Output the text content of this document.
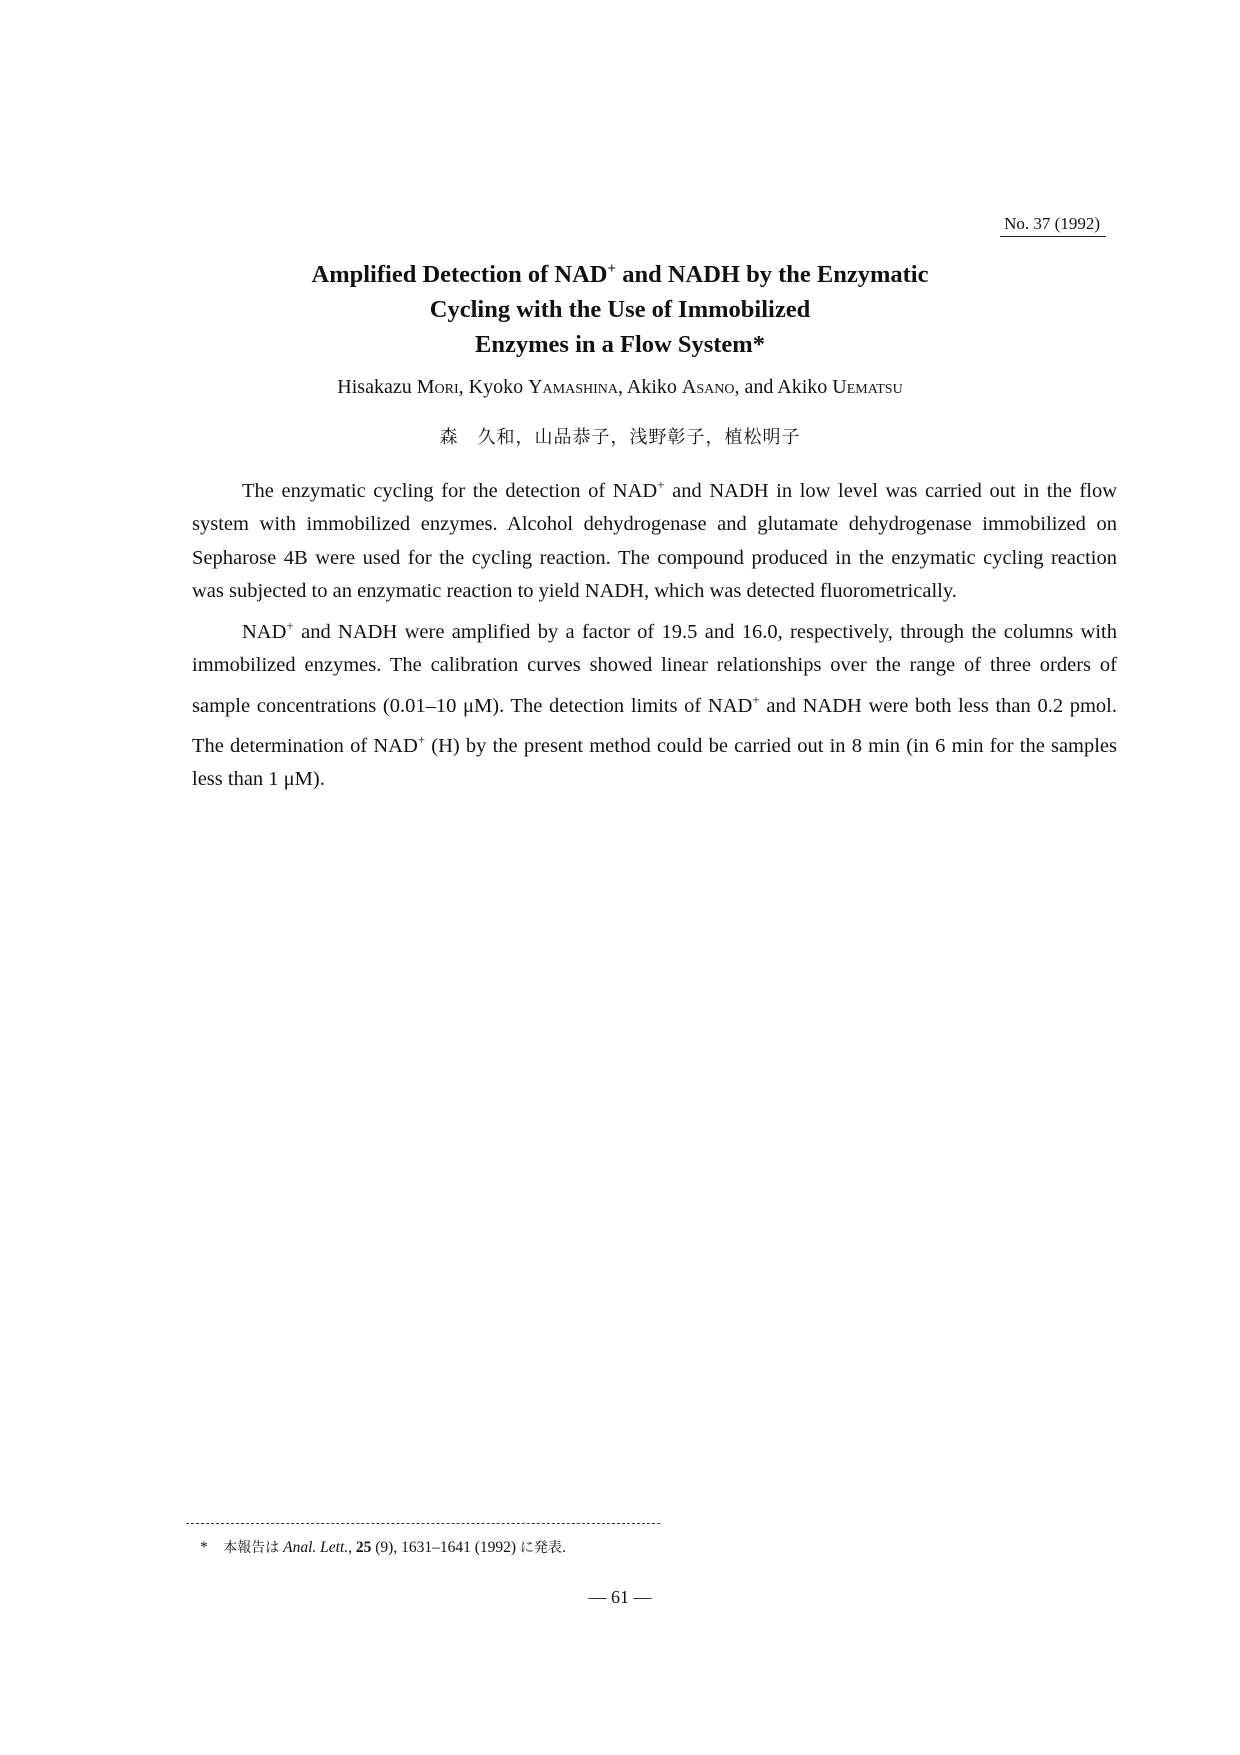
No. 37 (1992)
Amplified Detection of NAD+ and NADH by the Enzymatic
Cycling with the Use of Immobilized
Enzymes in a Flow System*
Hisakazu Mori, Kyoko Yamashina, Akiko Asano, and Akiko Uematsu
森　久和，山品恭子，浅野彰子，植松明子

The enzymatic cycling for the detection of NAD+ and NADH in low level was carried out in the flow system with immobilized enzymes. Alcohol dehydrogenase and glutamate dehydrogenase immobilized on Sepharose 4B were used for the cycling reaction. The compound produced in the enzymatic cycling reaction was subjected to an enzymatic reaction to yield NADH, which was detected fluorometrically.

NAD+ and NADH were amplified by a factor of 19.5 and 16.0, respectively, through the columns with immobilized enzymes. The calibration curves showed linear relationships over the range of three orders of sample concentrations (0.01–10 μM). The detection limits of NAD+ and NADH were both less than 0.2 pmol. The determination of NAD+ (H) by the present method could be carried out in 8 min (in 6 min for the samples less than 1 μM).

* 本報告は Anal. Lett., 25 (9), 1631–1641 (1992) に発表.
— 61 —
